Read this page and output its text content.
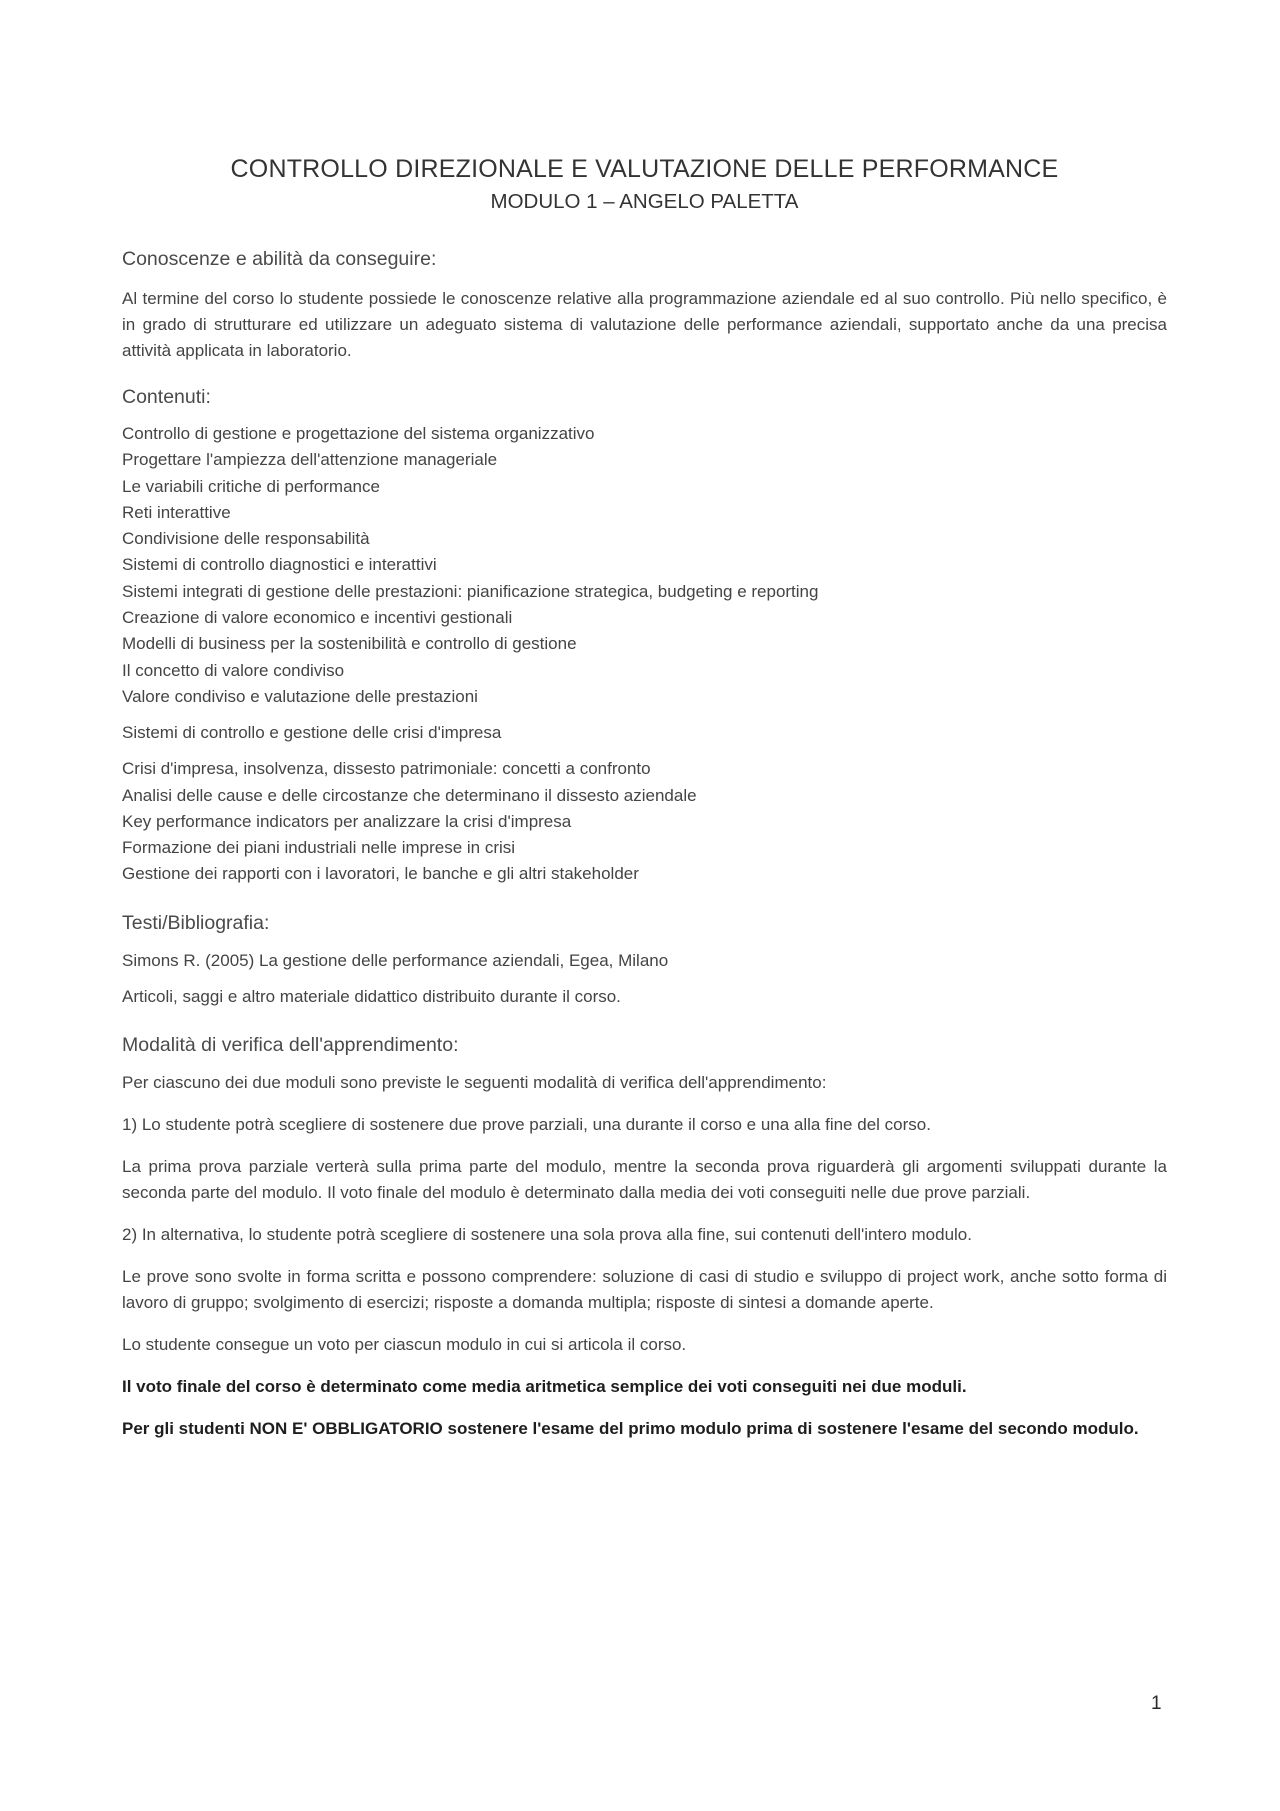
CONTROLLO DIREZIONALE E VALUTAZIONE DELLE PERFORMANCE
MODULO 1 – ANGELO PALETTA
Conoscenze e abilità da conseguire:

Al termine del corso lo studente possiede le conoscenze relative alla programmazione aziendale ed al suo controllo. Più nello specifico, è in grado di strutturare ed utilizzare un adeguato sistema di valutazione delle performance aziendali, supportato anche da una precisa attività applicata in laboratorio.

Contenuti:
Controllo di gestione e progettazione del sistema organizzativo
Progettare l'ampiezza dell'attenzione manageriale
Le variabili critiche di performance
Reti interattive
Condivisione delle responsabilità
Sistemi di controllo diagnostici e interattivi
Sistemi integrati di gestione delle prestazioni: pianificazione strategica, budgeting e reporting
Creazione di valore economico e incentivi gestionali
Modelli di business per la sostenibilità e controllo di gestione
Il concetto di valore condiviso
Valore condiviso e valutazione delle prestazioni

Sistemi di controllo e gestione delle crisi d'impresa

Crisi d'impresa, insolvenza, dissesto patrimoniale: concetti a confronto
Analisi delle cause e delle circostanze che determinano il dissesto aziendale
Key performance indicators per analizzare la crisi d'impresa
Formazione dei piani industriali nelle imprese in crisi
Gestione dei rapporti con i lavoratori, le banche e gli altri stakeholder
Testi/Bibliografia:

Simons R. (2005) La gestione delle performance aziendali, Egea, Milano

Articoli, saggi e altro materiale didattico distribuito durante il corso.

Modalità di verifica dell'apprendimento:

Per ciascuno dei due moduli sono previste le seguenti modalità di verifica dell'apprendimento:

1) Lo studente potrà scegliere di sostenere due prove parziali, una durante il corso e una alla fine del corso.

La prima prova parziale verterà sulla prima parte del modulo, mentre la seconda prova riguarderà gli argomenti sviluppati durante la seconda parte del modulo. Il voto finale del modulo è determinato dalla media dei voti conseguiti nelle due prove parziali.

2) In alternativa, lo studente potrà scegliere di sostenere una sola prova alla fine, sui contenuti dell'intero modulo.

Le prove sono svolte in forma scritta e possono comprendere: soluzione di casi di studio e sviluppo di project work, anche sotto forma di lavoro di gruppo; svolgimento di esercizi; risposte a domanda multipla; risposte di sintesi a domande aperte.

Lo studente consegue un voto per ciascun modulo in cui si articola il corso.

Il voto finale del corso è determinato come media aritmetica semplice dei voti conseguiti nei due moduli.

Per gli studenti NON E' OBBLIGATORIO sostenere l'esame del primo modulo prima di sostenere l'esame del secondo modulo.

1
